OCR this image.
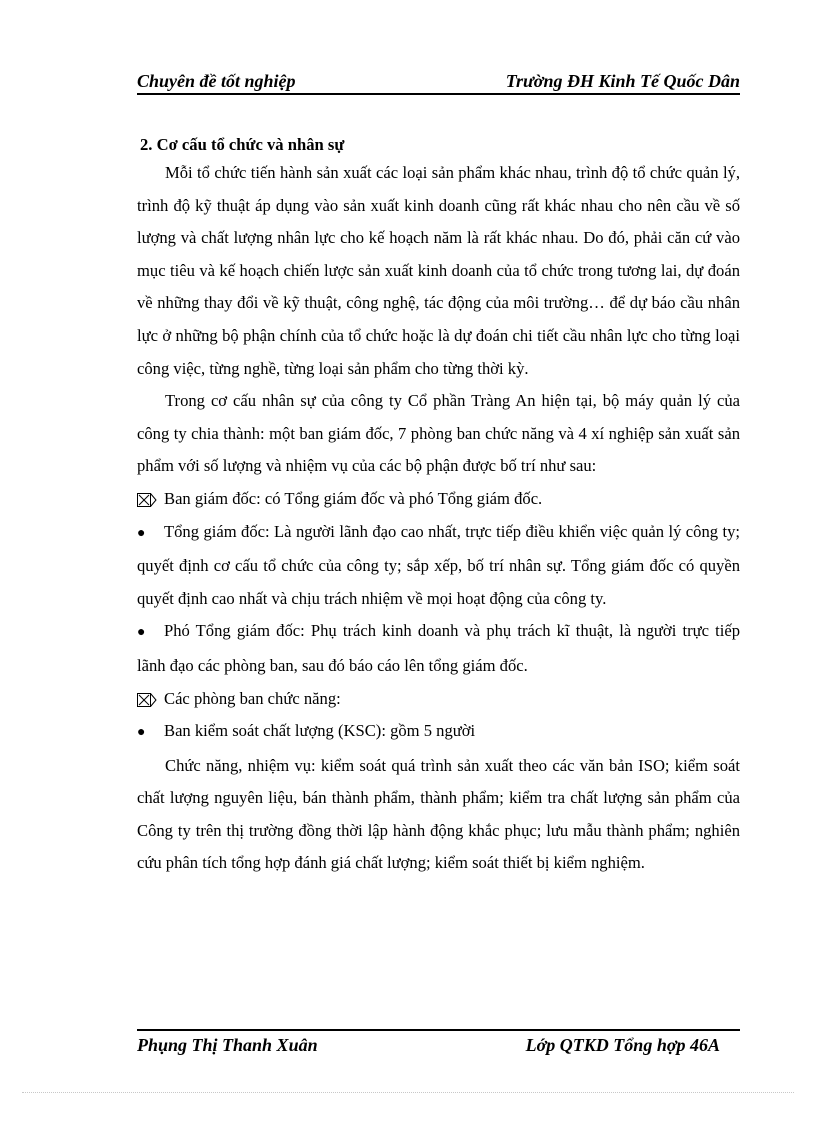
Chuyên đề tốt nghiệp	Trường ĐH Kinh Tế Quốc Dân
2. Cơ cấu tổ chức và nhân sự
Mỗi tổ chức tiến hành sản xuất các loại sản phẩm khác nhau, trình độ tổ chức quản lý, trình độ kỹ thuật áp dụng vào sản xuất kinh doanh cũng rất khác nhau cho nên cầu về số lượng và chất lượng nhân lực cho kế hoạch năm là rất khác nhau. Do đó, phải căn cứ vào mục tiêu và kế hoạch chiến lược sản xuất kinh doanh của tổ chức trong tương lai, dự đoán về những thay đổi về kỹ thuật, công nghệ, tác động của môi trường… để dự báo cầu nhân lực ở những bộ phận chính của tổ chức hoặc là dự đoán chi tiết cầu nhân lực cho từng loại công việc, từng nghề, từng loại sản phẩm cho từng thời kỳ.
Trong cơ cấu nhân sự của công ty Cổ phần Tràng An hiện tại, bộ máy quản lý của công ty chia thành: một ban giám đốc, 7 phòng ban chức năng và 4 xí nghiệp sản xuất sản phẩm với số lượng và nhiệm vụ của các bộ phận được bố trí như sau:
Ban giám đốc: có Tổng giám đốc và phó Tổng giám đốc.
● Tổng giám đốc: Là người lãnh đạo cao nhất, trực tiếp điều khiển việc quản lý công ty; quyết định cơ cấu tổ chức của công ty; sắp xếp, bố trí nhân sự. Tổng giám đốc có quyền quyết định cao nhất và chịu trách nhiệm về mọi hoạt động của công ty.
● Phó Tổng giám đốc: Phụ trách kinh doanh và phụ trách kĩ thuật, là người trực tiếp lãnh đạo các phòng ban, sau đó báo cáo lên tổng giám đốc.
Các phòng ban chức năng:
● Ban kiểm soát chất lượng (KSC): gồm 5 người
Chức năng, nhiệm vụ: kiểm soát quá trình sản xuất theo các văn bản ISO; kiểm soát chất lượng nguyên liệu, bán thành phẩm, thành phẩm; kiểm tra chất lượng sản phẩm của Công ty trên thị trường đồng thời lập hành động khắc phục; lưu mẫu thành phẩm; nghiên cứu phân tích tổng hợp đánh giá chất lượng; kiểm soát thiết bị kiểm nghiệm.
Phụng Thị Thanh Xuân	Lớp QTKD Tổng hợp 46A
